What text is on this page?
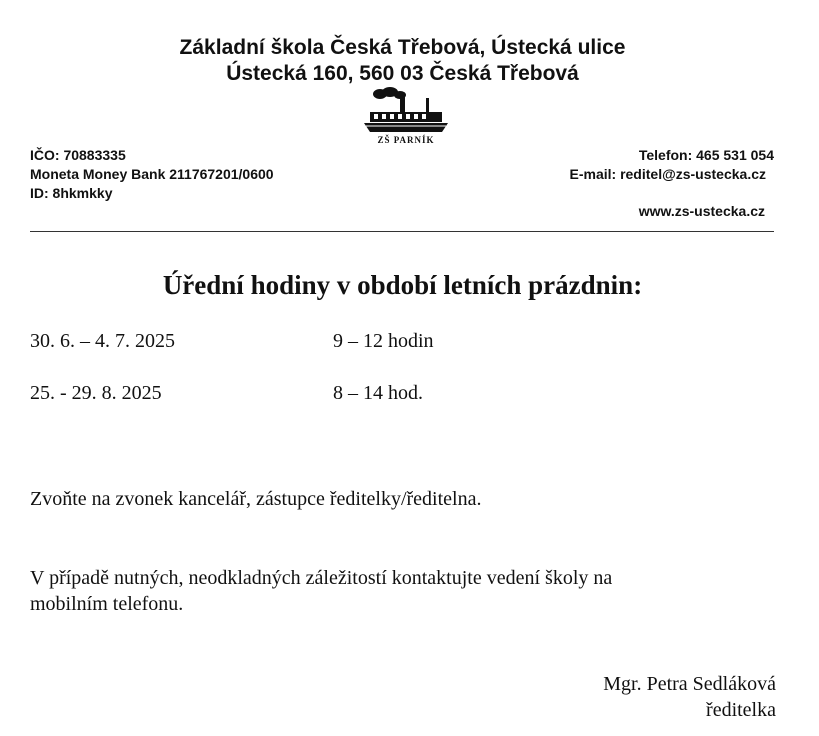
Základní škola Česká Třebová, Ústecká ulice
Ústecká 160, 560 03 Česká Třebová
ZŠ PARNÍK
IČO: 70883335
Moneta Money Bank 211767201/0600
ID: 8hkmkky
Telefon: 465 531 054
E-mail: reditel@zs-ustecka.cz
www.zs-ustecka.cz
Úřední hodiny v období letních prázdnin:
30. 6. – 4. 7. 2025	9 – 12 hodin
25. - 29. 8. 2025	8 – 14 hod.
Zvoňte na zvonek kancelář, zástupce ředitelky/ředitelna.
V případě nutných, neodkladných záležitostí kontaktujte vedení školy na
mobilním telefonu.
Mgr. Petra Sedláková
ředitelka
